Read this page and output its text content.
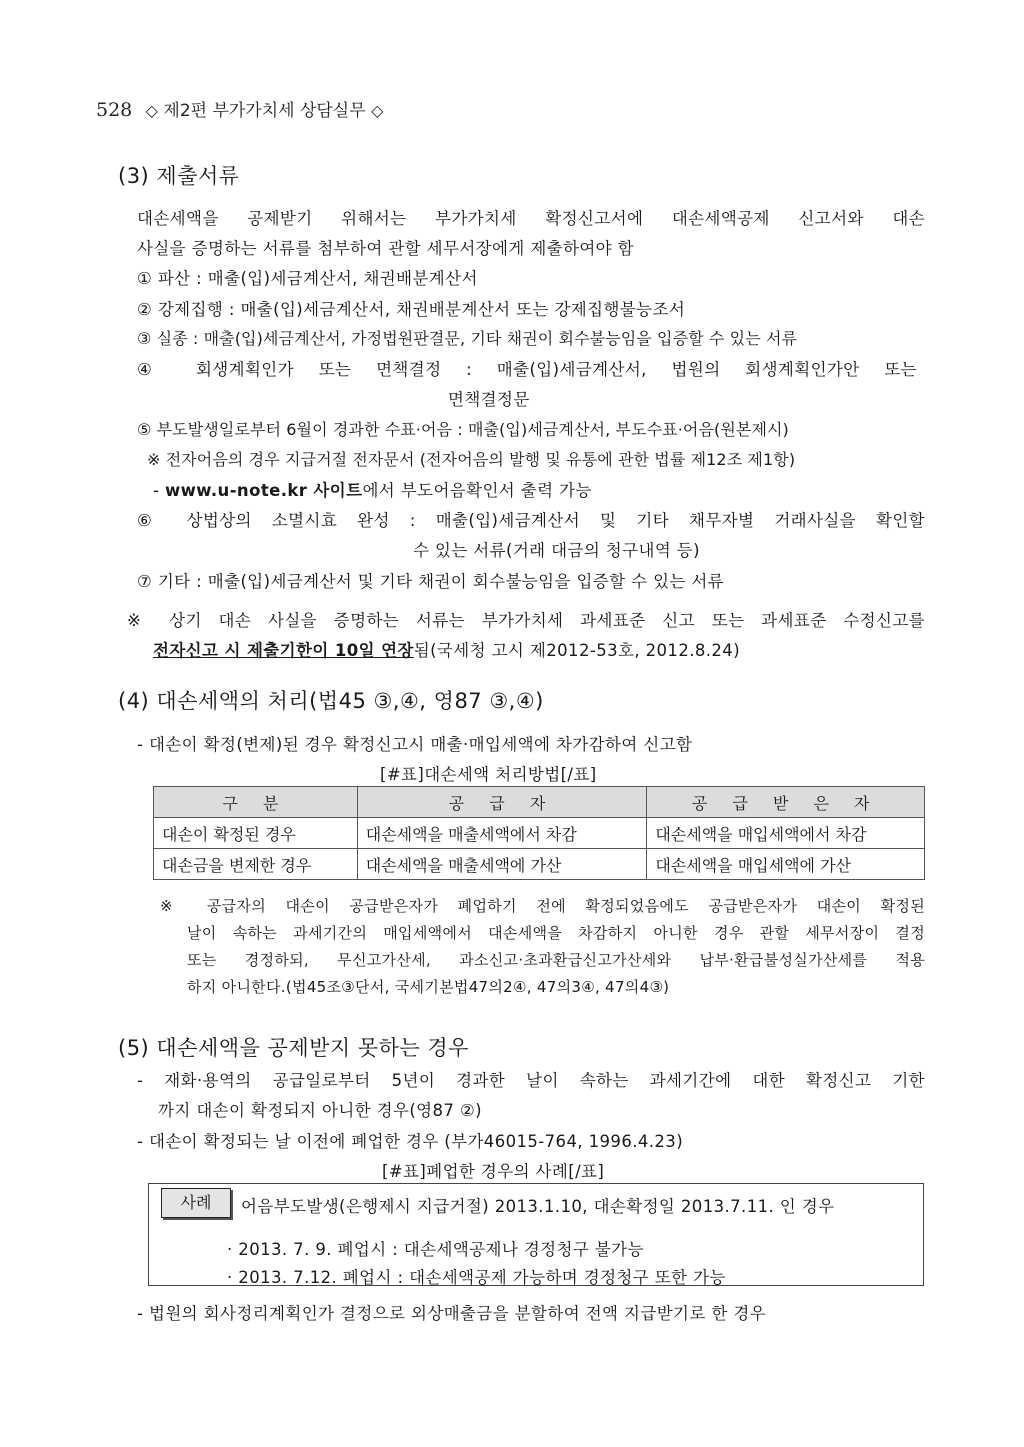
528 ◇ 제2편 부가가치세 상담실무 ◇
(3) 제출서류
대손세액을 공제받기 위해서는 부가가치세 확정신고서에 대손세액공제 신고서와 대손
사실을 증명하는 서류를 첨부하여 관할 세무서장에게 제출하여야 함
① 파산 : 매출(입)세금계산서, 채권배분계산서
② 강제집행 : 매출(입)세금계산서, 채권배분계산서 또는 강제집행불능조서
③ 실종 : 매출(입)세금계산서, 가정법원판결문, 기타 채권이 회수불능임을 입증할 수 있는 서류
④ 회생계획인가 또는 면책결정 : 매출(입)세금계산서, 법원의 회생계획인가안 또는
면책결정문
⑤ 부도발생일로부터 6월이 경과한 수표·어음 : 매출(입)세금계산서, 부도수표·어음(원본제시)
※ 전자어음의 경우 지급거절 전자문서 (전자어음의 발행 및 유통에 관한 법률 제12조 제1항)
- www.u-note.kr 사이트에서 부도어음확인서 출력 가능
⑥ 상법상의 소멸시효 완성 : 매출(입)세금계산서 및 기타 채무자별 거래사실을 확인할
수 있는 서류(거래 대금의 청구내역 등)
⑦ 기타 : 매출(입)세금계산서 및 기타 채권이 회수불능임을 입증할 수 있는 서류
※ 상기 대손 사실을 증명하는 서류는 부가가치세 과세표준 신고 또는 과세표준 수정신고를
전자신고 시 제출기한이 10일 연장됨(국세청 고시 제2012-53호, 2012.8.24)
(4) 대손세액의 처리(법45 ③,④, 영87 ③,④)
- 대손이 확정(변제)된 경우 확정신고시 매출·매입세액에 차가감하여 신고함
[#표]대손세액 처리방법[/표]
구 분	공 급 자	공 급 받 은 자
대손이 확정된 경우	대손세액을 매출세액에서 차감	대손세액을 매입세액에서 차감
대손금을 변제한 경우	대손세액을 매출세액에 가산	대손세액을 매입세액에 가산
※ 공급자의 대손이 공급받은자가 폐업하기 전에 확정되었음에도 공급받은자가 대손이 확정된
날이 속하는 과세기간의 매입세액에서 대손세액을 차감하지 아니한 경우 관할 세무서장이 결정
또는 경정하되, 무신고가산세, 과소신고·초과환급신고가산세와 납부·환급불성실가산세를 적용
하지 아니한다.(법45조③단서, 국세기본법47의2④, 47의3④, 47의4③)
(5) 대손세액을 공제받지 못하는 경우
- 재화·용역의 공급일로부터 5년이 경과한 날이 속하는 과세기간에 대한 확정신고 기한
까지 대손이 확정되지 아니한 경우(영87 ②)
- 대손이 확정되는 날 이전에 폐업한 경우 (부가46015-764, 1996.4.23)
[#표]폐업한 경우의 사례[/표]
사례	어음부도발생(은행제시 지급거절) 2013.1.10, 대손확정일 2013.7.11. 인 경우
· 2013. 7. 9. 폐업시 : 대손세액공제나 경정청구 불가능
· 2013. 7.12. 폐업시 : 대손세액공제 가능하며 경정청구 또한 가능
- 법원의 회사정리계획인가 결정으로 외상매출금을 분할하여 전액 지급받기로 한 경우
